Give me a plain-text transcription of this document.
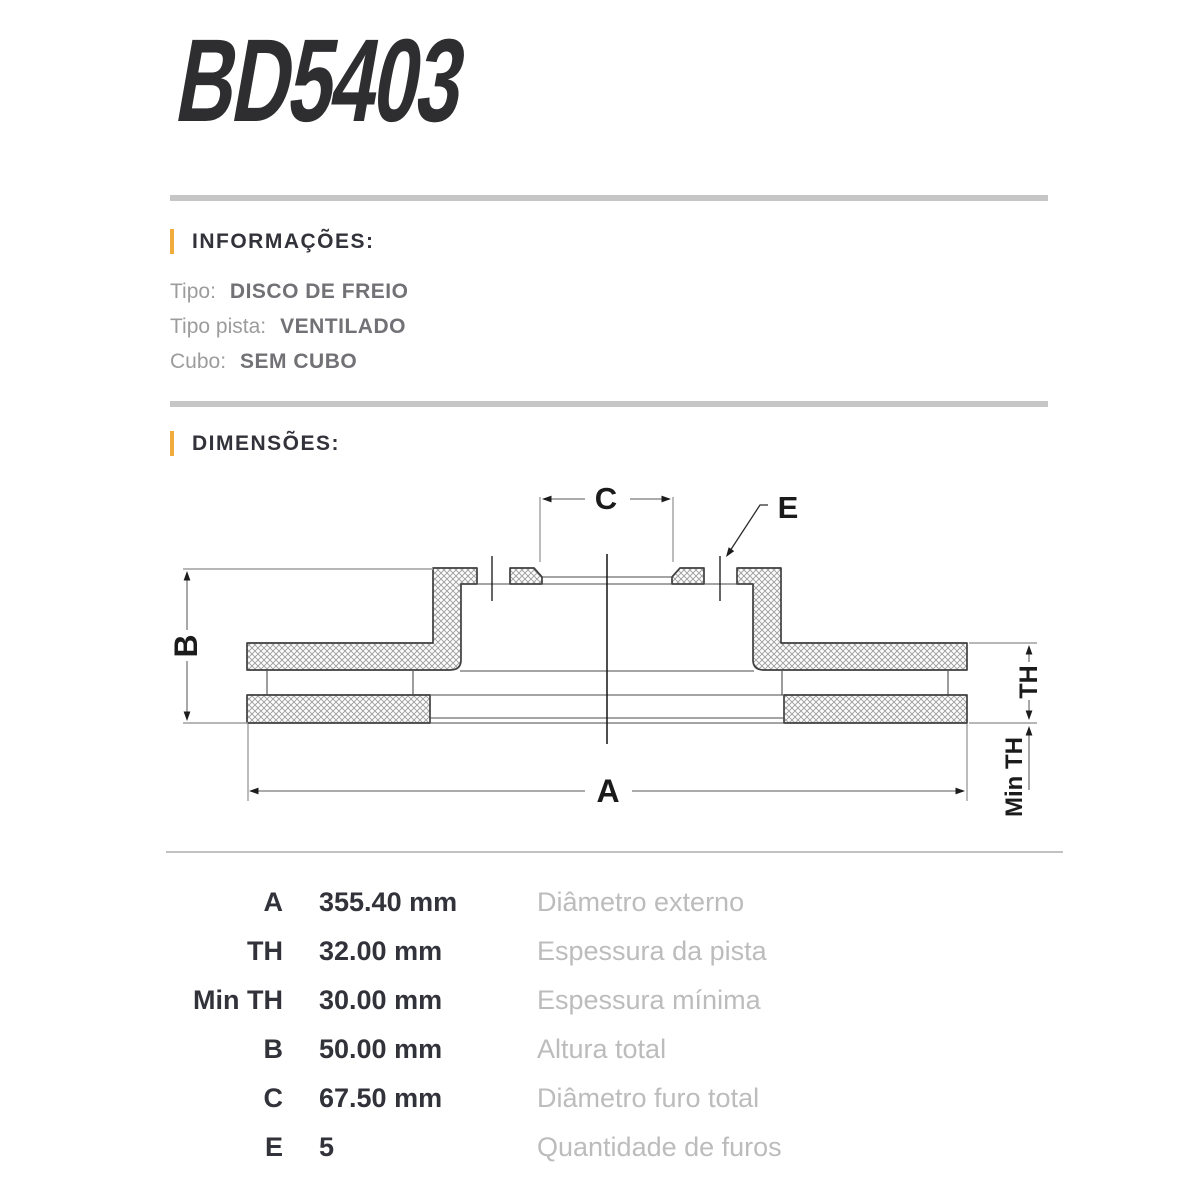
BD5403
INFORMAÇÕES:
Tipo: DISCO DE FREIO
Tipo pista: VENTILADO
Cubo: SEM CUBO
DIMENSÕES:
C	E
A
B
TH
Min TH
A	355.40 mm	Diâmetro externo
TH	32.00 mm	Espessura da pista
Min TH	30.00 mm	Espessura mínima
B	50.00 mm	Altura total
C	67.50 mm	Diâmetro furo total
E	5	Quantidade de furos
